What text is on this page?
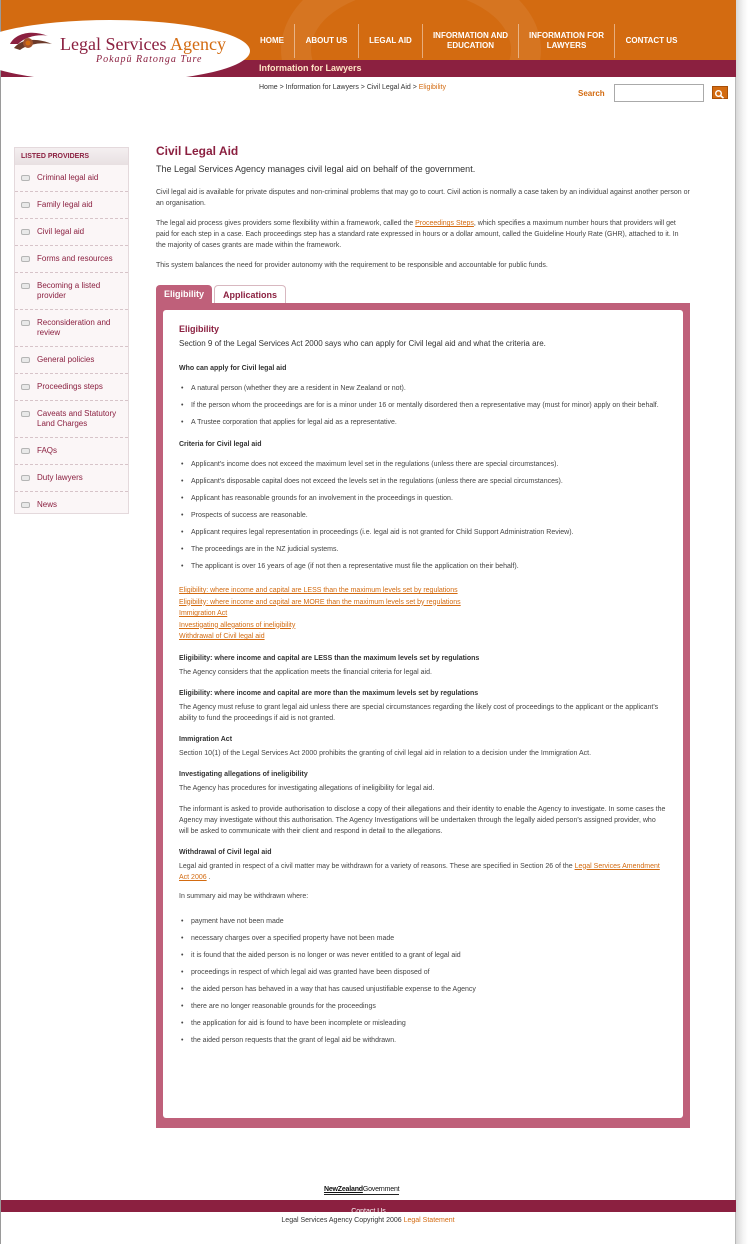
Legal Services Agency
Pokapū Ratonga Ture
HOME	ABOUT US	LEGAL AID
INFORMATION AND EDUCATION
INFORMATION FOR LAWYERS
CONTACT US
Information for Lawyers
Home > Information for Lawyers > Civil Legal Aid > Eligibility
Search
LISTED PROVIDERS
Criminal legal aid
Family legal aid
Civil legal aid
Forms and resources
Becoming a listed provider
Reconsideration and review
General policies
Proceedings steps
Caveats and Statutory Land Charges
FAQs
Duty lawyers
News
Civil Legal Aid
The Legal Services Agency manages civil legal aid on behalf of the government.
Civil legal aid is available for private disputes and non-criminal problems that may go to court. Civil action is normally a case taken by an individual against another person or an organisation.
The legal aid process gives providers some flexibility within a framework, called the Proceedings Steps, which specifies a maximum number hours that providers will get paid for each step in a case. Each proceedings step has a standard rate expressed in hours or a dollar amount, called the Guideline Hourly Rate (GHR), attached to it. In the majority of cases grants are made within the framework.
This system balances the need for provider autonomy with the requirement to be responsible and accountable for public funds.
Eligibility	Applications
Eligibility
Section 9 of the Legal Services Act 2000 says who can apply for Civil legal aid and what the criteria are.
Who can apply for Civil legal aid
• A natural person (whether they are a resident in New Zealand or not).
• If the person whom the proceedings are for is a minor under 16 or mentally disordered then a representative may (must for minor) apply on their behalf.
• A Trustee corporation that applies for legal aid as a representative.
Criteria for Civil legal aid
• Applicant's income does not exceed the maximum level set in the regulations (unless there are special circumstances).
• Applicant's disposable capital does not exceed the levels set in the regulations (unless there are special circumstances).
• Applicant has reasonable grounds for an involvement in the proceedings in question.
• Prospects of success are reasonable.
• Applicant requires legal representation in proceedings (i.e. legal aid is not granted for Child Support Administration Review).
• The proceedings are in the NZ judicial systems.
• The applicant is over 16 years of age (if not then a representative must file the application on their behalf).
Eligibility: where income and capital are LESS than the maximum levels set by regulations
Eligibility: where income and capital are MORE than the maximum levels set by regulations
Immigration Act
Investigating allegations of ineligibility
Withdrawal of Civil legal aid
Eligibility: where income and capital are LESS than the maximum levels set by regulations
The Agency considers that the application meets the financial criteria for legal aid.
Eligibility: where income and capital are more than the maximum levels set by regulations
The Agency must refuse to grant legal aid unless there are special circumstances regarding the likely cost of proceedings to the applicant or the applicant's ability to fund the proceedings if aid is not granted.
Immigration Act
Section 10(1) of the Legal Services Act 2000 prohibits the granting of civil legal aid in relation to a decision under the Immigration Act.
Investigating allegations of ineligibility
The Agency has procedures for investigating allegations of ineligibility for legal aid.
The informant is asked to provide authorisation to disclose a copy of their allegations and their identity to enable the Agency to investigate. In some cases the Agency may investigate without this authorisation. The Agency Investigations will be undertaken through the legally aided person's assigned provider, who will be asked to communicate with their client and respond in detail to the allegations.
Withdrawal of Civil legal aid
Legal aid granted in respect of a civil matter may be withdrawn for a variety of reasons. These are specified in Section 26 of the Legal Services Amendment Act 2006 .
In summary aid may be withdrawn where:
• payment have not been made
• necessary charges over a specified property have not been made
• it is found that the aided person is no longer or was never entitled to a grant of legal aid
• proceedings in respect of which legal aid was granted have been disposed of
• the aided person has behaved in a way that has caused unjustifiable expense to the Agency
• there are no longer reasonable grounds for the proceedings
• the application for aid is found to have been incomplete or misleading
• the aided person requests that the grant of legal aid be withdrawn.
NewZealandGovernment
Contact Us
Legal Services Agency Copyright 2006 Legal Statement
